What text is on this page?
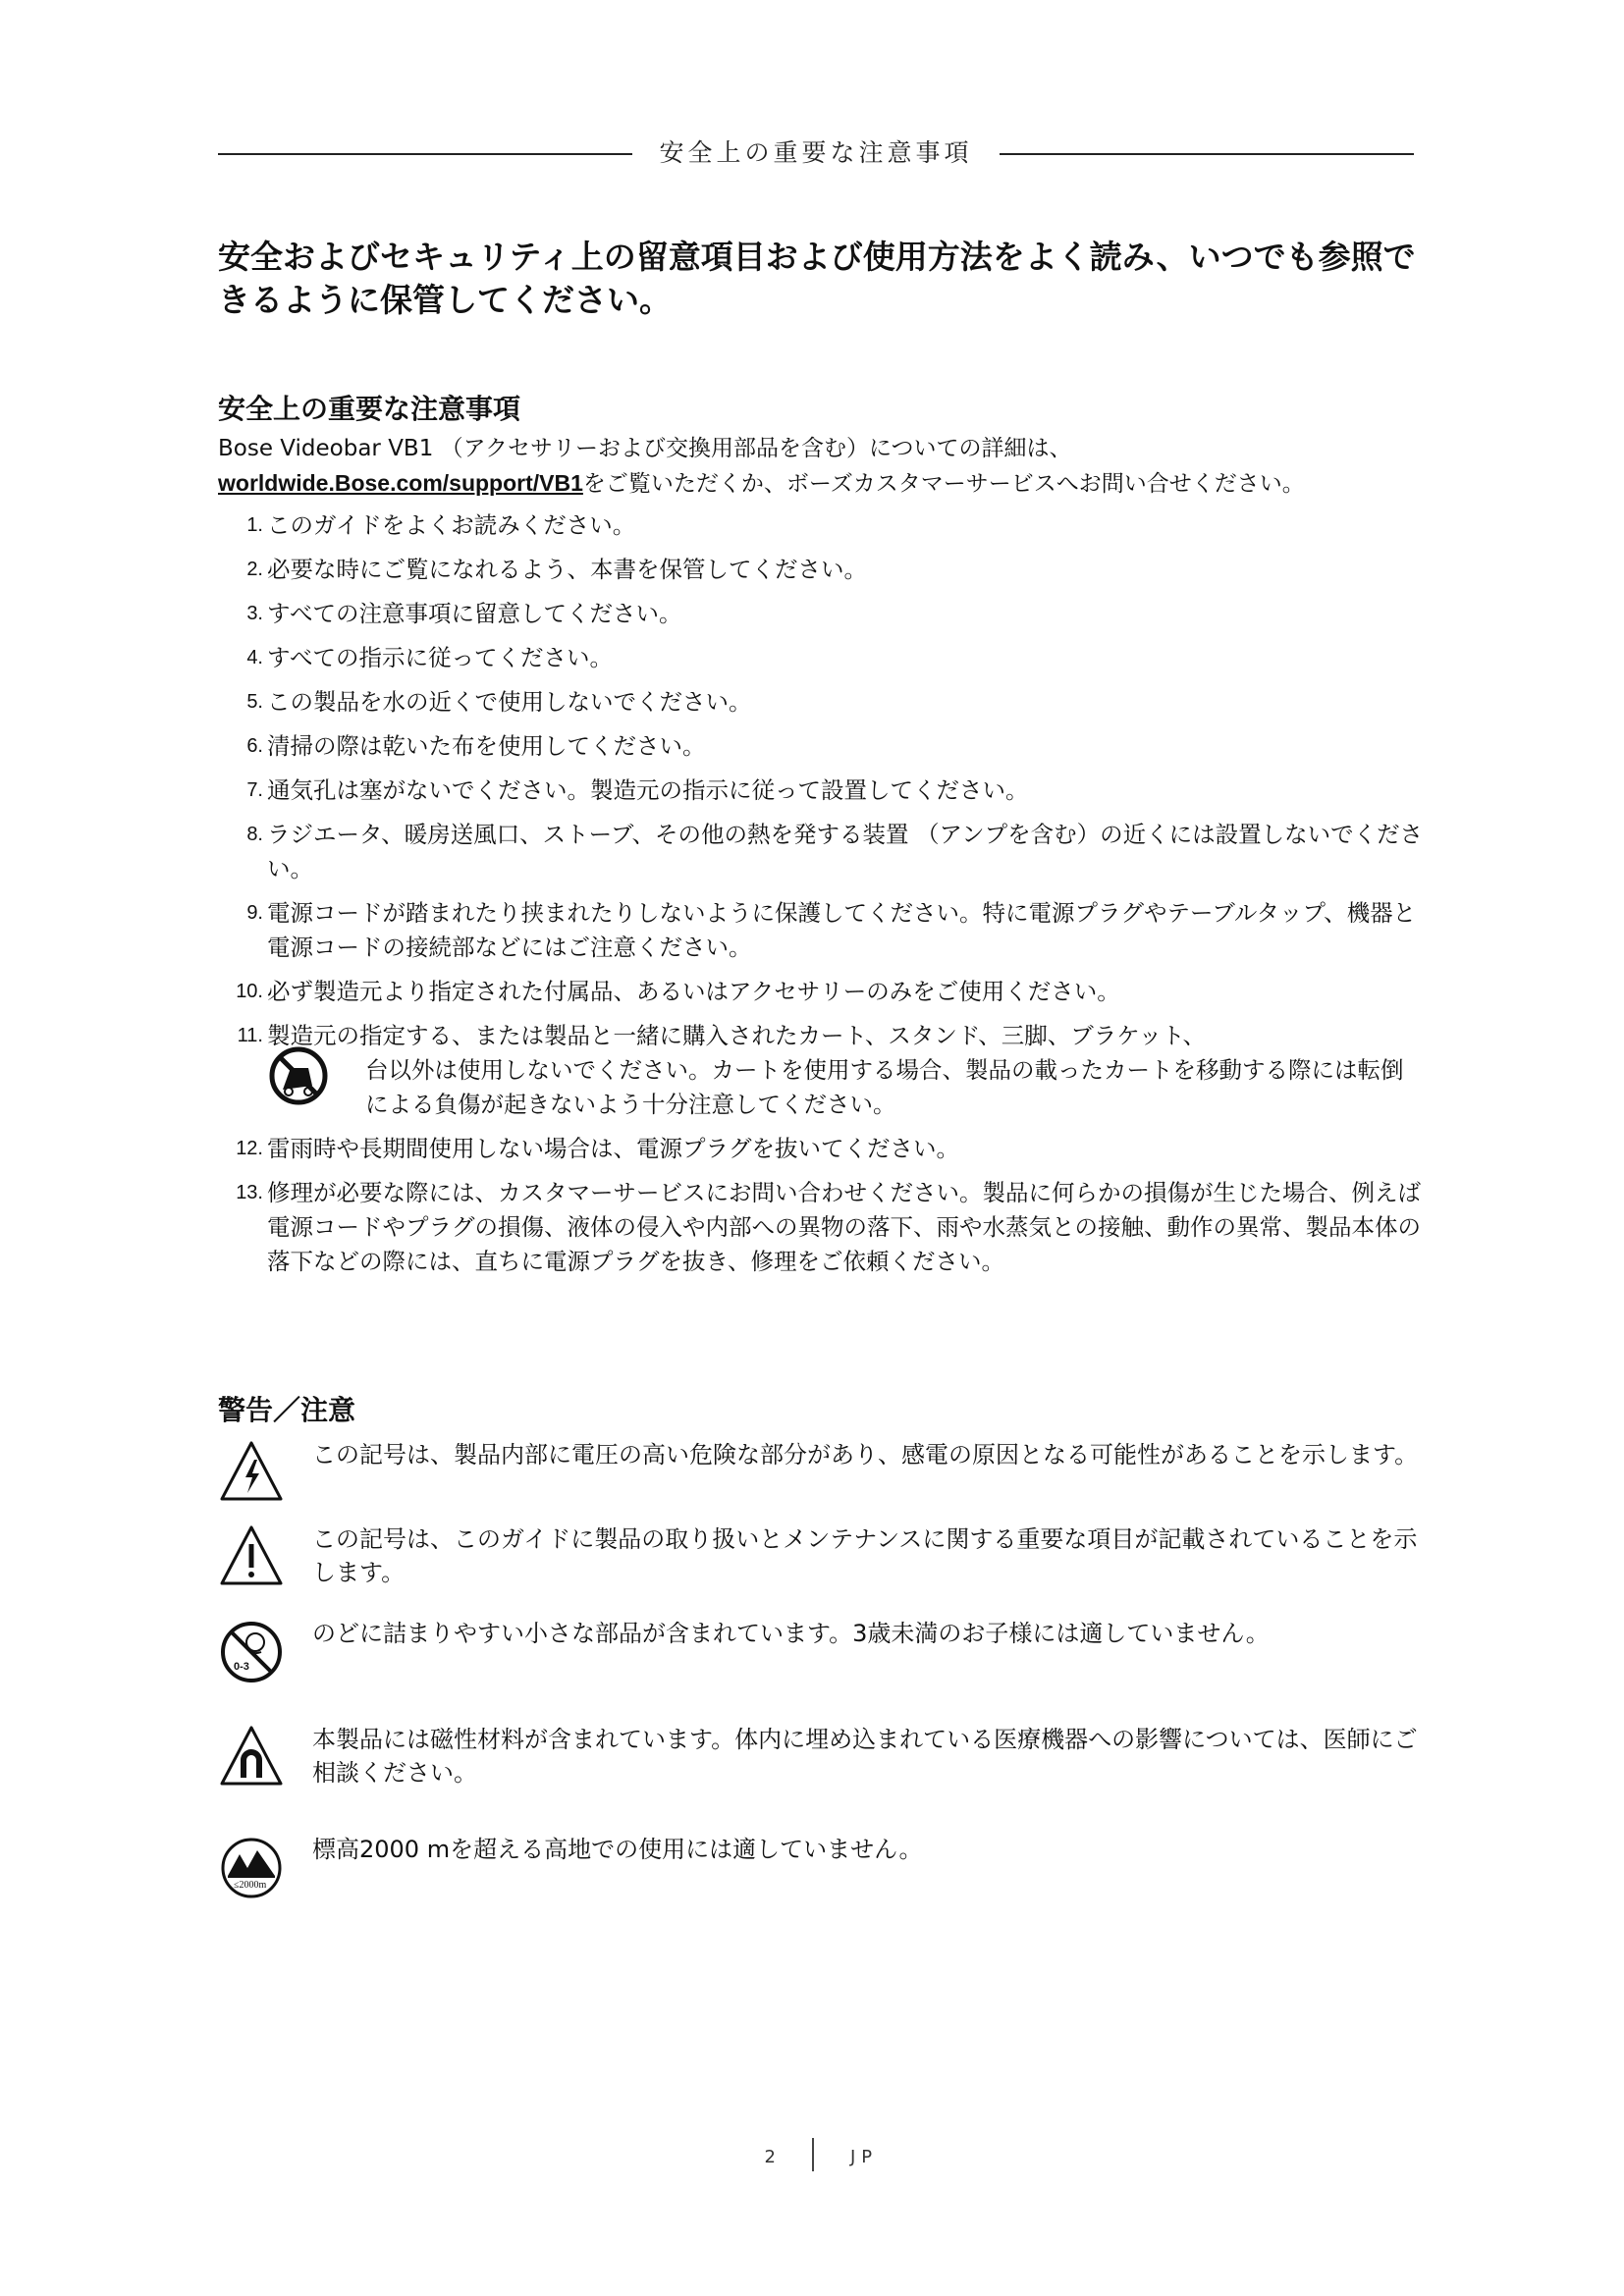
安全上の重要な注意事項
安全およびセキュリティ上の留意項目および使用方法をよく読み、いつでも参照できるように保管してください。
安全上の重要な注意事項
Bose Videobar VB1 （アクセサリーおよび交換用部品を含む）についての詳細は、
worldwide.Bose.com/support/VB1をご覧いただくか、ボーズカスタマーサービスへお問い合せください。
1. このガイドをよくお読みください。
2. 必要な時にご覧になれるよう、本書を保管してください。
3. すべての注意事項に留意してください。
4. すべての指示に従ってください。
5. この製品を水の近くで使用しないでください。
6. 清掃の際は乾いた布を使用してください。
7. 通気孔は塞がないでください。製造元の指示に従って設置してください。
8. ラジエータ、暖房送風口、ストーブ、その他の熱を発する装置 （アンプを含む）の近くには設置しないでください。
9. 電源コードが踏まれたり挟まれたりしないように保護してください。特に電源プラグやテーブルタップ、機器と電源コードの接続部などにはご注意ください。
10. 必ず製造元より指定された付属品、あるいはアクセサリーのみをご使用ください。
11. 製造元の指定する、または製品と一緒に購入されたカート、スタンド、三脚、ブラケット、
台以外は使用しないでください。カートを使用する場合、製品の載ったカートを移動する際には転倒による負傷が起きないよう十分注意してください。
12. 雷雨時や長期間使用しない場合は、電源プラグを抜いてください。
13. 修理が必要な際には、カスタマーサービスにお問い合わせください。製品に何らかの損傷が生じた場合、例えば電源コードやプラグの損傷、液体の侵入や内部への異物の落下、雨や水蒸気との接触、動作の異常、製品本体の落下などの際には、直ちに電源プラグを抜き、修理をご依頼ください。
警告／注意
この記号は、製品内部に電圧の高い危険な部分があり、感電の原因となる可能性があることを示します。
この記号は、このガイドに製品の取り扱いとメンテナンスに関する重要な項目が記載されていることを示します。
0-3
のどに詰まりやすい小さな部品が含まれています。3歳未満のお子様には適していません。
本製品には磁性材料が含まれています。体内に埋め込まれている医療機器への影響については、医師にご相談ください。
≤2000m
標高2000 mを超える高地での使用には適していません。
2	JP
